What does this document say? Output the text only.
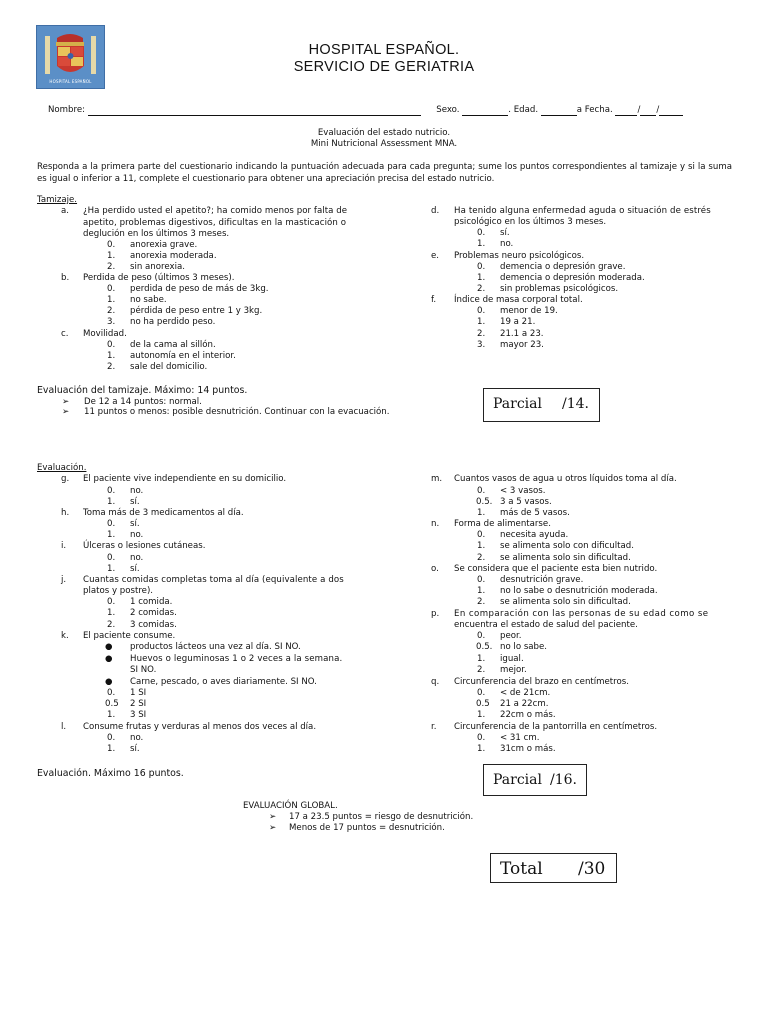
HOSPITAL ESPAÑOL
HOSPITAL ESPAÑOL.
SERVICIO DE GERIATRIA
Nombre:	Sexo.	. Edad.	a Fecha.	/ /
Evaluación del estado nutricio.
Mini Nutricional Assessment MNA.
Responda a la primera parte del cuestionario indicando la puntuación adecuada para cada pregunta; sume los puntos correspondientes al tamizaje y si la suma es igual o inferior a 11, complete el cuestionario para obtener una apreciación precisa del estado nutricio.
Tamizaje.
a. ¿Ha perdido usted el apetito?; ha comido menos por falta de
apetito, problemas digestivos, dificultas en la masticación o
deglución en los últimos 3 meses.
0. anorexia grave.
1. anorexia moderada.
2. sin anorexia.
b. Perdida de peso (últimos 3 meses).
0. perdida de peso de más de 3kg.
1. no sabe.
2. pérdida de peso entre 1 y 3kg.
3. no ha perdido peso.
c. Movilidad.
0. de la cama al sillón.
1. autonomía en el interior.
2. sale del domicilio.
d. Ha tenido alguna enfermedad aguda o situación de estrés
psicológico en los últimos 3 meses.
0. sí.
1. no.
e. Problemas neuro psicológicos.
0. demencia o depresión grave.
1. demencia o depresión moderada.
2. sin problemas psicológicos.
f. Índice de masa corporal total.
0. menor de 19.
1. 19 a 21.
2. 21.1 a 23.
3. mayor 23.
Evaluación del tamizaje. Máximo: 14 puntos.
➢ De 12 a 14 puntos: normal.
➢ 11 puntos o menos: posible desnutrición. Continuar con la evacuación.	Parcial /14.
Evaluación.
g. El paciente vive independiente en su domicilio.
0. no.
1. sí.
h. Toma más de 3 medicamentos al día.
0. sí.
1. no.
i. Úlceras o lesiones cutáneas.
0. no.
1. sí.
j. Cuantas comidas completas toma al día (equivalente a dos
platos y postre).
0. 1 comida.
1. 2 comidas.
2. 3 comidas.
k. El paciente consume.
● productos lácteos una vez al día. SI NO.
● Huevos o leguminosas 1 o 2 veces a la semana.
SI NO.
● Carne, pescado, o aves diariamente. SI NO.
0. 1 SI
0.5 2 SI
1. 3 SI
l. Consume frutas y verduras al menos dos veces al día.
0. no.
1. sí.
m. Cuantos vasos de agua u otros líquidos toma al día.
0. < 3 vasos.
0.5. 3 a 5 vasos.
1. más de 5 vasos.
n. Forma de alimentarse.
0. necesita ayuda.
1. se alimenta solo con dificultad.
2. se alimenta solo sin dificultad.
o. Se considera que el paciente esta bien nutrido.
0. desnutrición grave.
1. no lo sabe o desnutrición moderada.
2. se alimenta solo sin dificultad.
p. En comparación con las personas de su edad como se
encuentra el estado de salud del paciente.
0. peor.
0.5. no lo sabe.
1. igual.
2. mejor.
q. Circunferencia del brazo en centímetros.
0. < de 21cm.
0.5 21 a 22cm.
1. 22cm o más.
r. Circunferencia de la pantorrilla en centímetros.
0. < 31 cm.
1. 31cm o más.
Evaluación. Máximo 16 puntos.	Parcial /16.
EVALUACIÓN GLOBAL.
➢ 17 a 23.5 puntos = riesgo de desnutrición.
➢ Menos de 17 puntos = desnutrición.
Total /30
